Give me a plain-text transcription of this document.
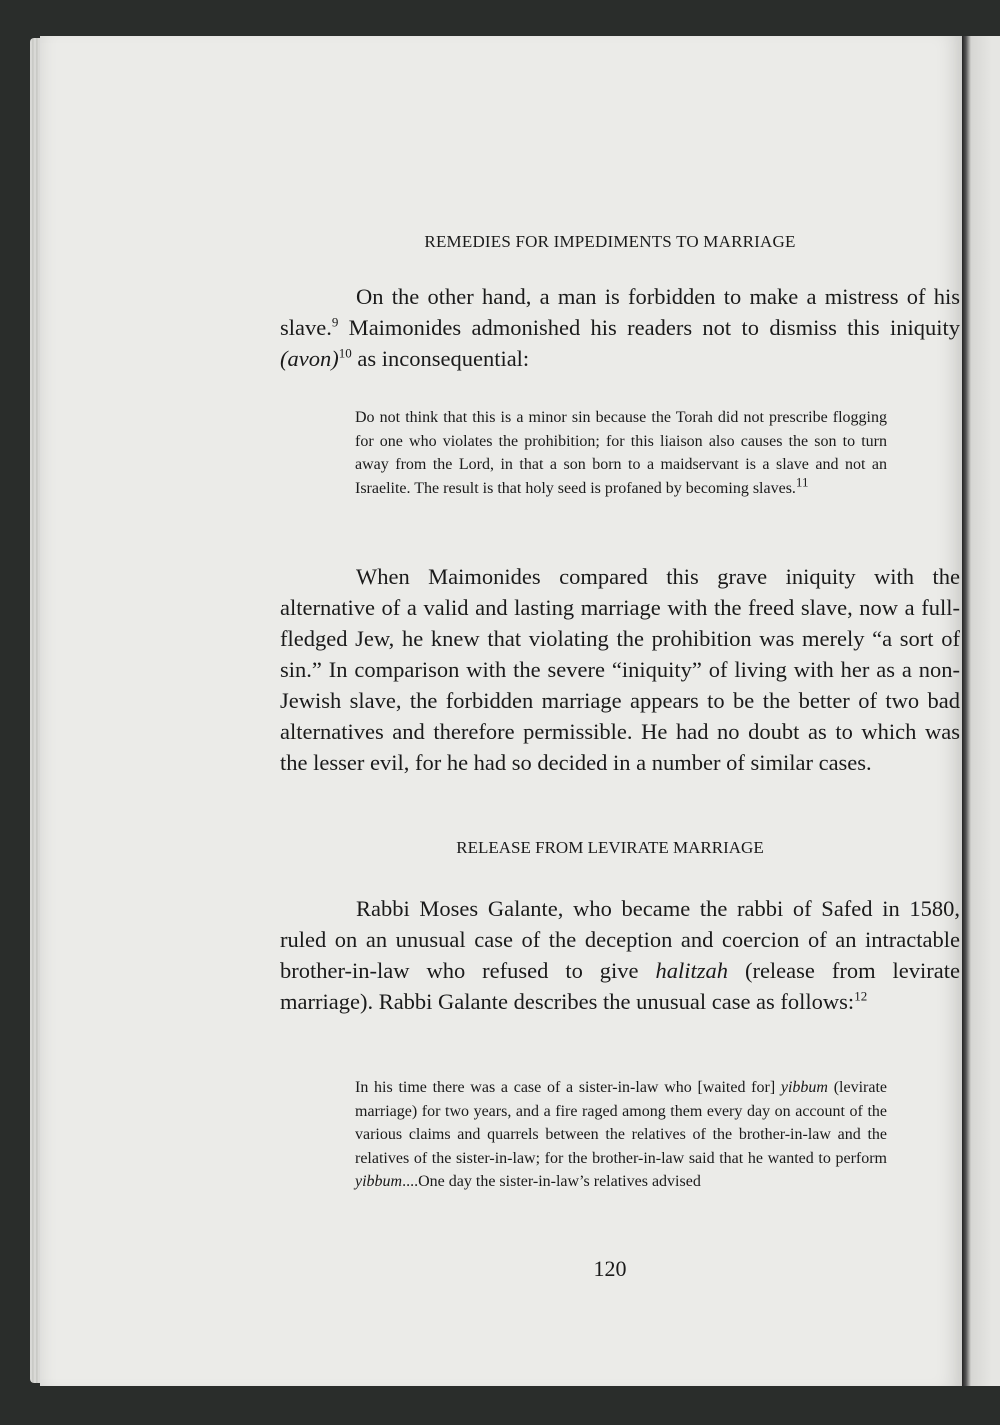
REMEDIES FOR IMPEDIMENTS TO MARRIAGE

On the other hand, a man is forbidden to make a mistress of his slave.$^9$ Maimonides admonished his readers not to dismiss this iniquity (avon)$^{10}$ as inconsequential:

Do not think that this is a minor sin because the Torah did not prescribe flogging for one who violates the prohibition; for this liaison also causes the son to turn away from the Lord, in that a son born to a maidservant is a slave and not an Israelite. The result is that holy seed is profaned by becoming slaves.$^{11}$

When Maimonides compared this grave iniquity with the alternative of a valid and lasting marriage with the freed slave, now a full-fledged Jew, he knew that violating the prohibition was merely “a sort of sin.” In comparison with the severe “iniquity” of living with her as a non-Jewish slave, the forbidden marriage appears to be the better of two bad alternatives and therefore permissible. He had no doubt as to which was the lesser evil, for he had so decided in a number of similar cases.

RELEASE FROM LEVIRATE MARRIAGE

Rabbi Moses Galante, who became the rabbi of Safed in 1580, ruled on an unusual case of the deception and coercion of an intractable brother-in-law who refused to give halitzah (release from levirate marriage). Rabbi Galante describes the unusual case as follows:$^{12}$

In his time there was a case of a sister-in-law who [waited for] yibbum (levirate marriage) for two years, and a fire raged among them every day on account of the various claims and quarrels between the relatives of the brother-in-law and the relatives of the sister-in-law; for the brother-in-law said that he wanted to perform yibbum....One day the sister-in-law’s relatives advised

120
